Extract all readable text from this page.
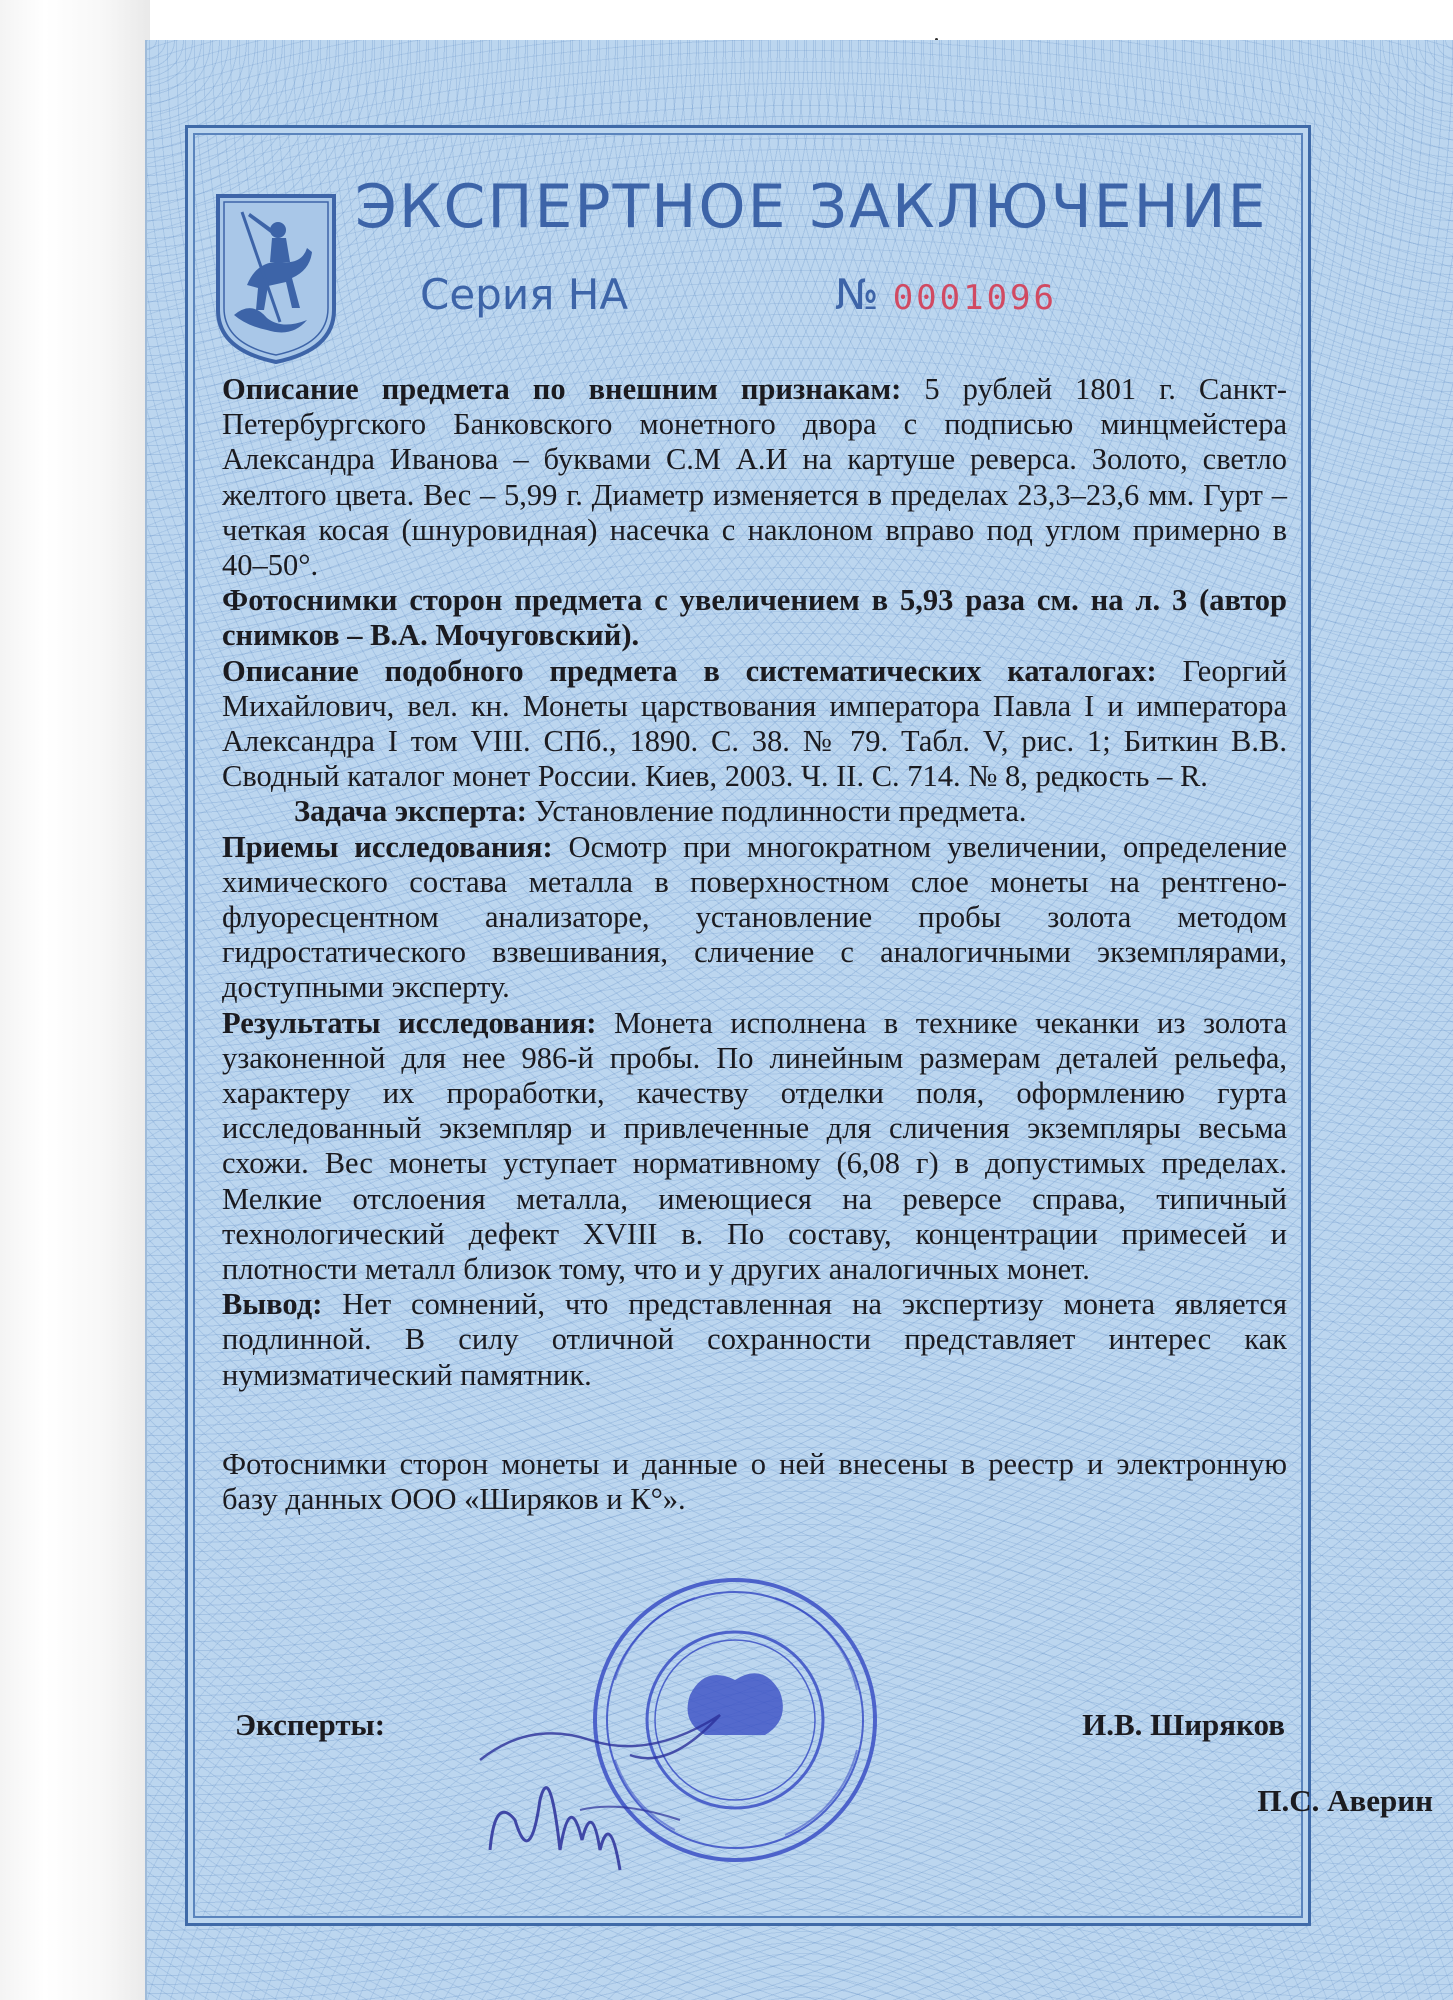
ЭКСПЕРТНОЕ ЗАКЛЮЧЕНИЕ
Серия НА	№ 0001096

Описание предмета по внешним признакам: 5 рублей 1801 г. Санкт-Петербургского Банковского монетного двора с подписью минцмейстера Александра Иванова – буквами С.М А.И на картуше реверса. Золото, светло желтого цвета. Вес – 5,99 г. Диаметр изменяется в пределах 23,3–23,6 мм. Гурт – четкая косая (шнуровидная) насечка с наклоном вправо под углом примерно в 40–50°.

Фотоснимки сторон предмета с увеличением в 5,93 раза см. на л. 3 (автор снимков – В.А. Мочуговский).

Описание подобного предмета в систематических каталогах: Георгий Михайлович, вел. кн. Монеты царствования императора Павла I и императора Александра I том VIII. СПб., 1890. С. 38. № 79. Табл. V, рис. 1; Биткин В.В. Сводный каталог монет России. Киев, 2003. Ч. II. С. 714. № 8, редкость – R.

Задача эксперта: Установление подлинности предмета.

Приемы исследования: Осмотр при многократном увеличении, определение химического состава металла в поверхностном слое монеты на рентгено-флуоресцентном анализаторе, установление пробы золота методом гидростатического взвешивания, сличение с аналогичными экземплярами, доступными эксперту.

Результаты исследования: Монета исполнена в технике чеканки из золота узаконенной для нее 986-й пробы. По линейным размерам деталей рельефа, характеру их проработки, качеству отделки поля, оформлению гурта исследованный экземпляр и привлеченные для сличения экземпляры весьма схожи. Вес монеты уступает нормативному (6,08 г) в допустимых пределах. Мелкие отслоения металла, имеющиеся на реверсе справа, типичный технологический дефект XVIII в. По составу, концентрации примесей и плотности металл близок тому, что и у других аналогичных монет.

Вывод: Нет сомнений, что представленная на экспертизу монета является подлинной. В силу отличной сохранности представляет интерес как нумизматический памятник.

Фотоснимки сторон монеты и данные о ней внесены в реестр и электронную базу данных ООО «Ширяков и К°».

Эксперты:	И.В. Ширяков
П.С. Аверин
